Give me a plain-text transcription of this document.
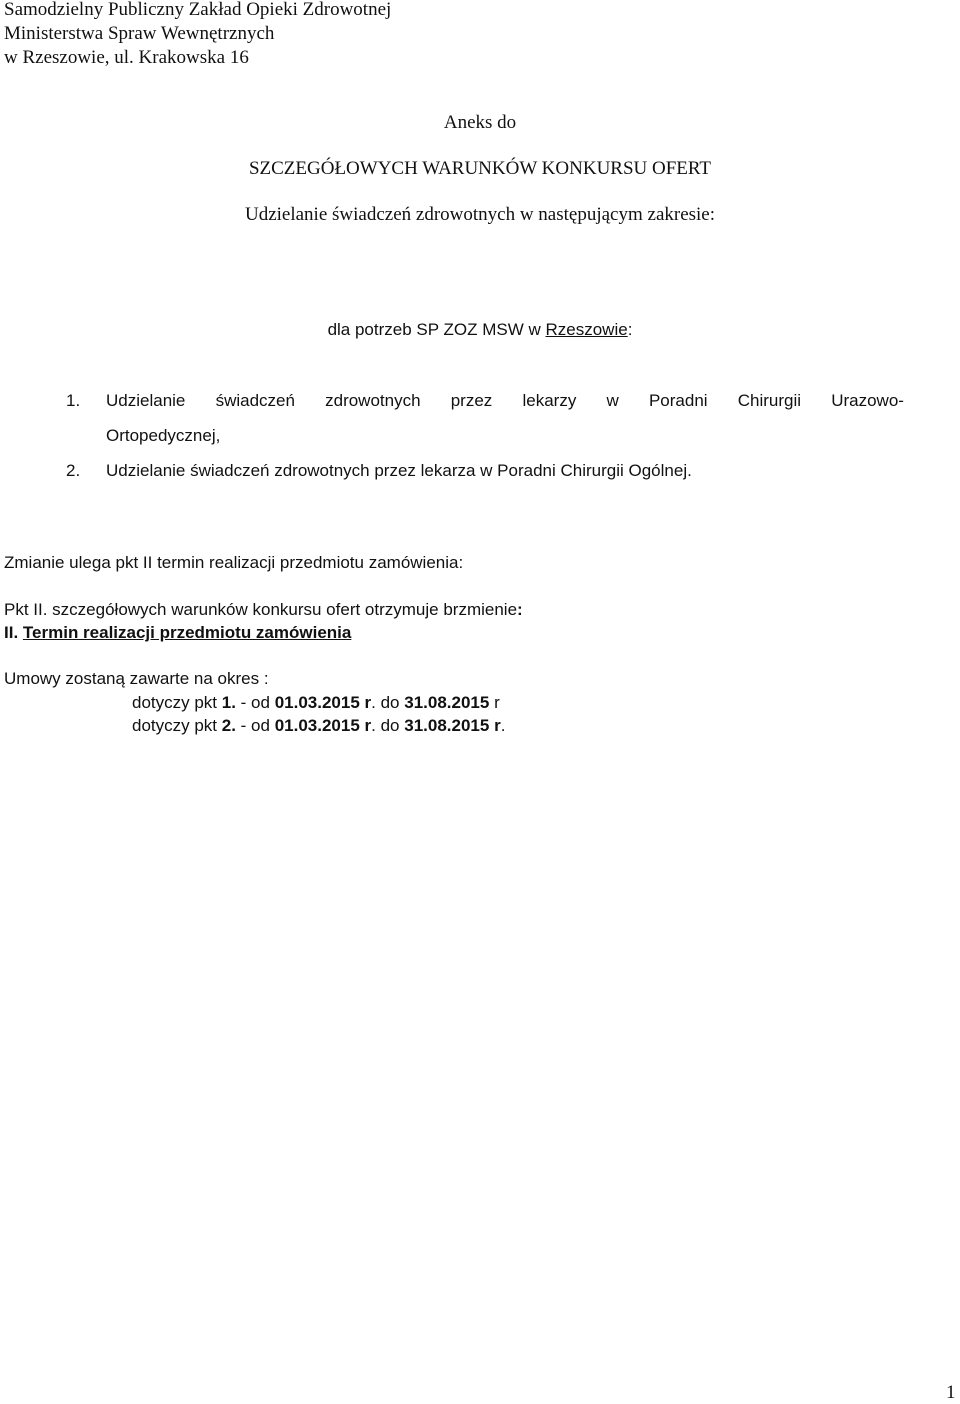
Samodzielny Publiczny Zakład Opieki Zdrowotnej
Ministerstwa Spraw Wewnętrznych
w Rzeszowie, ul. Krakowska 16
Aneks do
SZCZEGÓŁOWYCH WARUNKÓW KONKURSU OFERT
Udzielanie świadczeń zdrowotnych w następującym zakresie:
dla potrzeb SP ZOZ MSW w Rzeszowie:
1. Udzielanie świadczeń zdrowotnych przez lekarzy w Poradni Chirurgii Urazowo-
Ortopedycznej,
2. Udzielanie świadczeń zdrowotnych przez lekarza w Poradni Chirurgii Ogólnej.
Zmianie ulega pkt II termin realizacji przedmiotu zamówienia:
Pkt II. szczegółowych warunków konkursu ofert otrzymuje brzmienie:
II. Termin realizacji przedmiotu zamówienia
Umowy zostaną zawarte na okres :
dotyczy pkt 1. - od 01.03.2015 r. do 31.08.2015 r
dotyczy pkt 2. - od 01.03.2015 r. do 31.08.2015 r.
1
